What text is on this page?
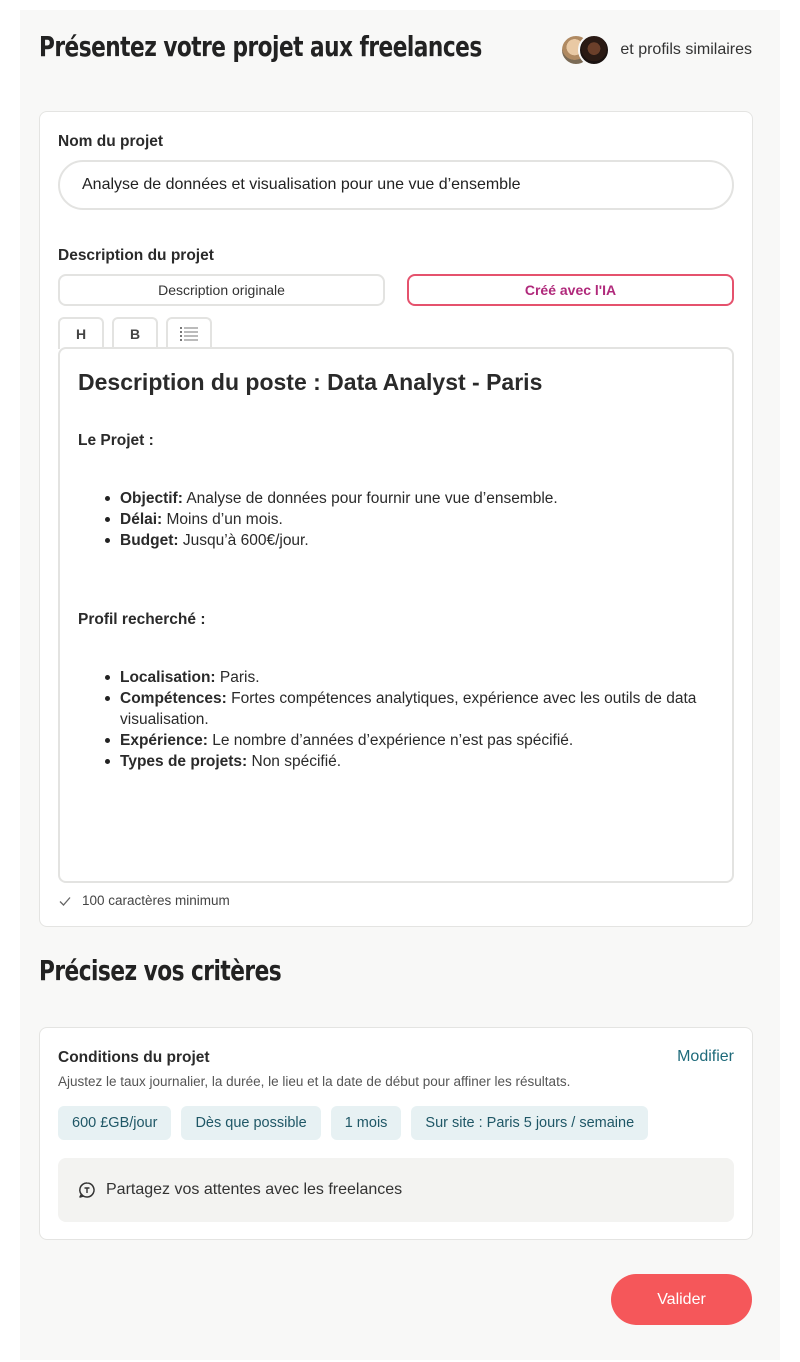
Présentez votre projet aux freelances	et profils similaires
Nom du projet
Analyse de données et visualisation pour une vue d’ensemble
Description du projet
Description originale	Créé avec l'IA
H	B
Description du poste : Data Analyst - Paris
Le Projet :
Objectif: Analyse de données pour fournir une vue d’ensemble.
Délai: Moins d’un mois.
Budget: Jusqu’à 600€/jour.
Profil recherché :
Localisation: Paris.
Compétences: Fortes compétences analytiques, expérience avec les outils de data visualisation.
Expérience: Le nombre d’années d’expérience n’est pas spécifié.
Types de projets: Non spécifié.
100 caractères minimum
Précisez vos critères
Conditions du projet	Modifier
Ajustez le taux journalier, la durée, le lieu et la date de début pour affiner les résultats.
600 £GB/jour	Dès que possible	1 mois	Sur site : Paris 5 jours / semaine
Partagez vos attentes avec les freelances
Valider
